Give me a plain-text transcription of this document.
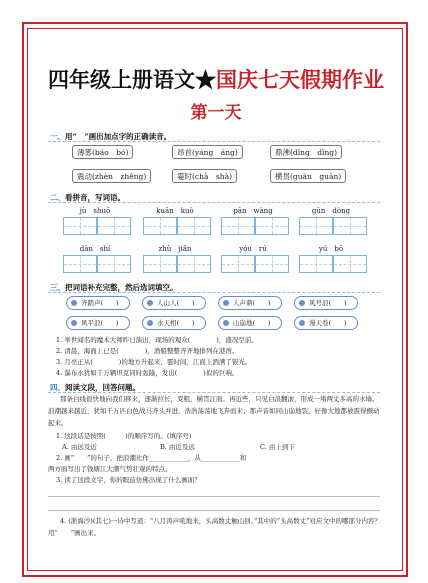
四年级上册语文★国庆七天假期作业
第一天
一、用“　”画出加点字的正确读音。
薄雾(báo　bó)	昂首(yáng　áng)	鼎沸(dǐng　dǐng)
震动(zhèn　zhěng)	霎时(chà　shà)	横贯(guàn　guān)
二、看拼音，写词语。
jù　shuō	kuān　kuò	pān　wàng	gǔn　dòng
dān　shí	zhǔ　jiǎn	yóu　rú	yú　bō
三、把词语补充完整，然后选词填空。
齐踏声(　　)	人山人(　　)	人声鼎(　　)	风号浪(　　)
风平浪(　　)	水天相(　　)	山崩地(　　)	漫天卷(　　)
1. 举世闻名的魔术大师昨日演出，现场的观众(　　　　)，盛况空前。
2. 清晨，海面上已是(　　　　)，渔船整整齐齐地排列在港湾。
3. 月亮正从(　　　　)的地方升起来，霎时间，江面上洒满了银光。
4. 瀑布水犹如千万辆坦克同时轰隆，发出(　　　　)似的巨响。
四、阅读文段，回答问题。
那条白线很快地向我们移来，逐渐拉长，变粗，横贯江面。再近些，只见白浪翻滚，形成一堵两丈多高的水墙。浪潮越来越近，犹如千万匹白色战马齐头并进，浩浩荡荡地飞奔而来；那声音如同山崩地裂，好像大地都被震得颤动起来。
1. 这段话是按照(　　　)的顺序写的。(填序号)
A. 由远及近	B. 由近及远	C. 由上到下
2. 画“　　”的句子，把浪潮比作____________，从____________和
两方面写出了钱塘江大潮气势壮观的特点。
3. 读了这段文字，你的眼前仿佛出现了什么画面？
4. (浙海沙)(其七)一诗中写道：“八月涛声吼地来，头高数丈触山回。”其中的“头高数丈”对应文中的哪部分内容？用“　　”画出来。
